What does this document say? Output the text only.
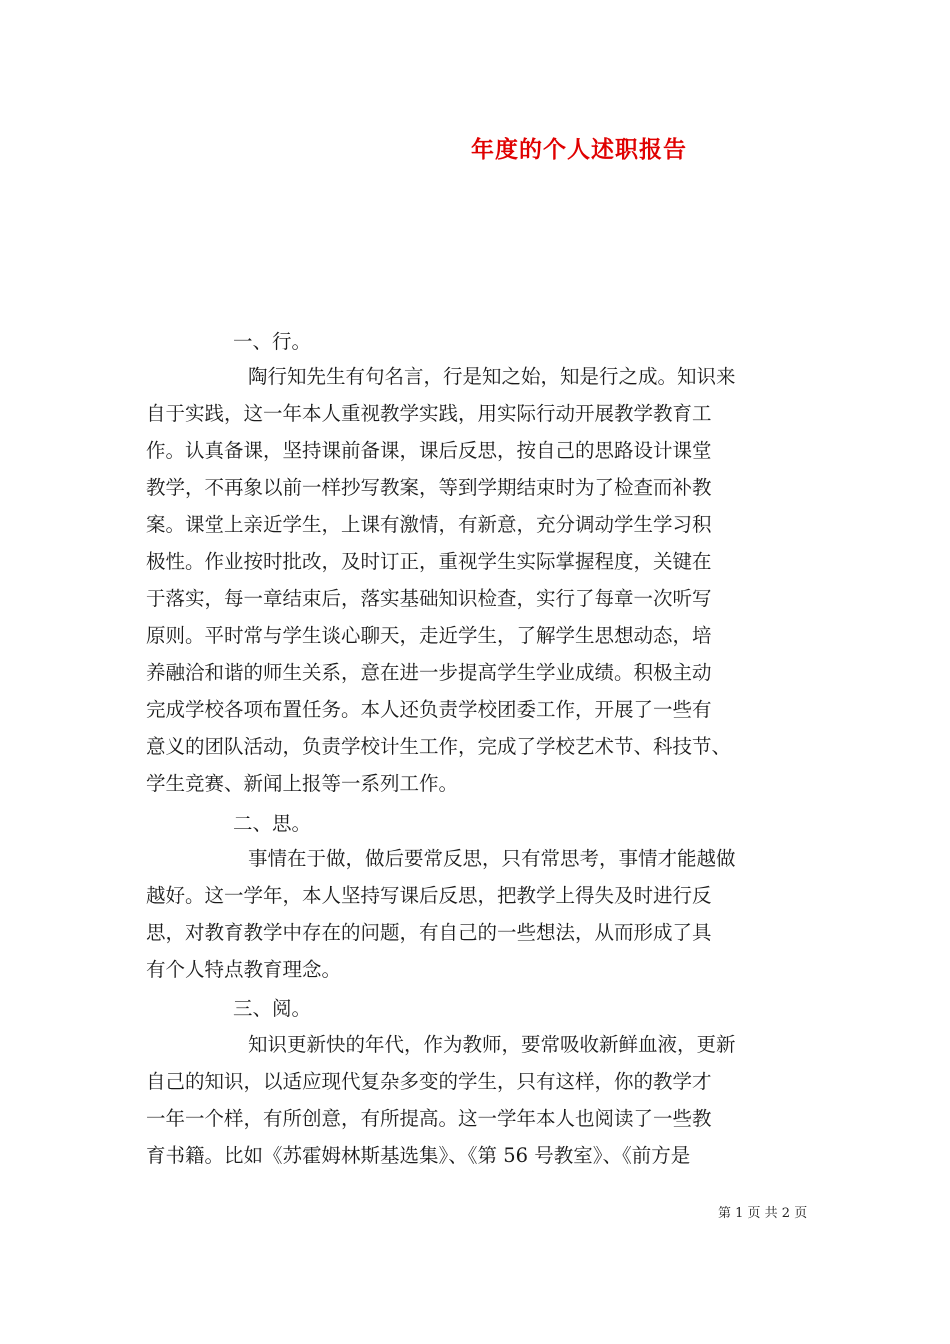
年度的个人述职报告
一、行。
陶行知先生有句名言，行是知之始，知是行之成。知识来
自于实践，这一年本人重视教学实践，用实际行动开展教学教育工
作。认真备课，坚持课前备课，课后反思，按自己的思路设计课堂
教学，不再象以前一样抄写教案，等到学期结束时为了检查而补教
案。课堂上亲近学生，上课有激情，有新意，充分调动学生学习积
极性。作业按时批改，及时订正，重视学生实际掌握程度，关键在
于落实，每一章结束后，落实基础知识检查，实行了每章一次听写
原则。平时常与学生谈心聊天，走近学生，了解学生思想动态，培
养融洽和谐的师生关系，意在进一步提高学生学业成绩。积极主动
完成学校各项布置任务。本人还负责学校团委工作，开展了一些有
意义的团队活动，负责学校计生工作，完成了学校艺术节、科技节、
学生竞赛、新闻上报等一系列工作。
二、思。
事情在于做，做后要常反思，只有常思考，事情才能越做
越好。这一学年，本人坚持写课后反思，把教学上得失及时进行反
思，对教育教学中存在的问题，有自己的一些想法，从而形成了具
有个人特点教育理念。
三、阅。
知识更新快的年代，作为教师，要常吸收新鲜血液，更新
自己的知识，以适应现代复杂多变的学生，只有这样，你的教学才
一年一个样，有所创意，有所提高。这一学年本人也阅读了一些教
育书籍。比如《苏霍姆林斯基选集》、《第 56 号教室》、《前方是
第 1 页 共 2 页
